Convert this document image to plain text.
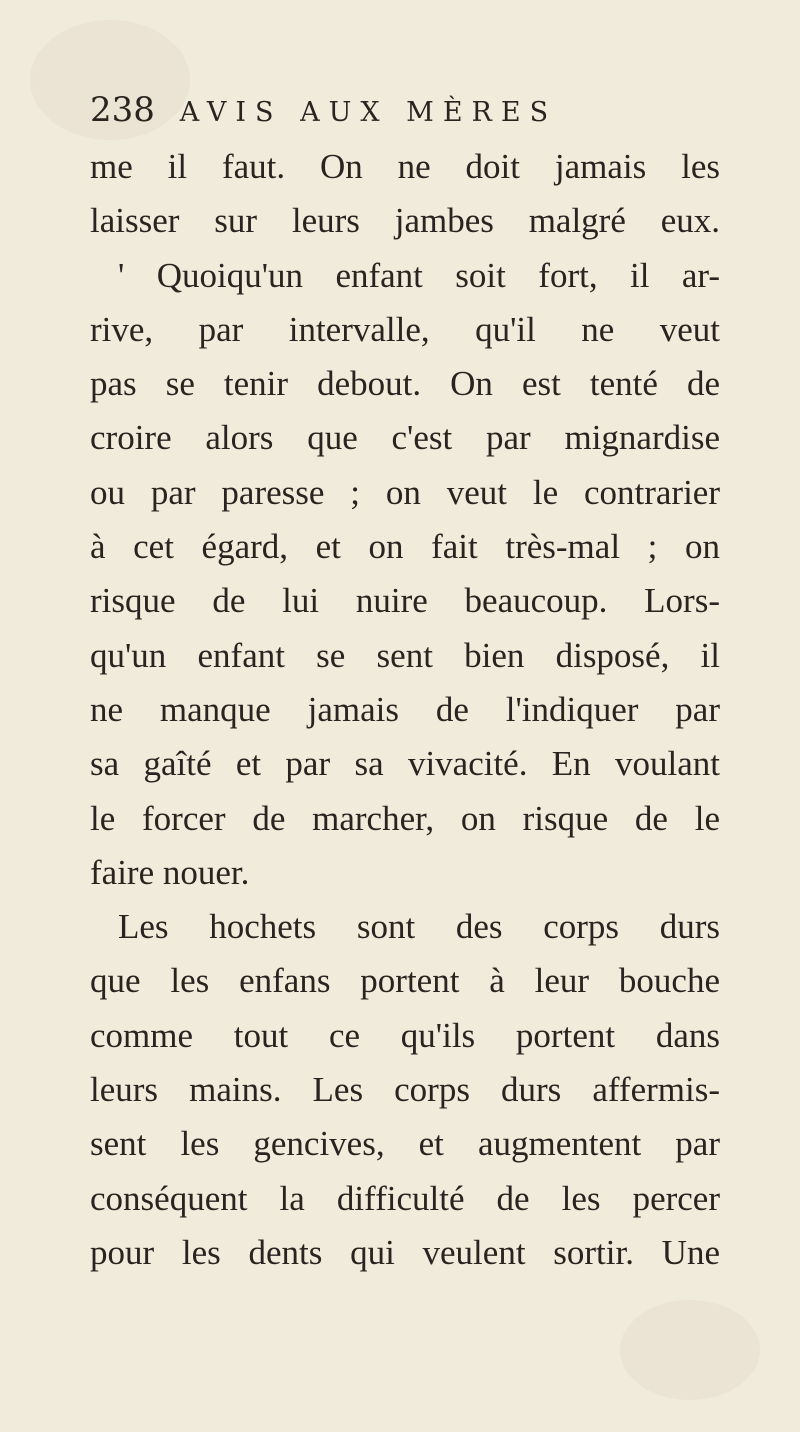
238 AVIS AUX MÈRES
me il faut. On ne doit jamais les
laisser sur leurs jambes malgré eux.
' Quoiqu'un enfant soit fort, il ar-
rive, par intervalle, qu'il ne veut
pas se tenir debout. On est tenté de
croire alors que c'est par mignardise
ou par paresse ; on veut le contrarier
à cet égard, et on fait très-mal ; on
risque de lui nuire beaucoup. Lors-
qu'un enfant se sent bien disposé, il
ne manque jamais de l'indiquer par
sa gaîté et par sa vivacité. En voulant
le forcer de marcher, on risque de le
faire nouer.
Les hochets sont des corps durs
que les enfans portent à leur bouche
comme tout ce qu'ils portent dans
leurs mains. Les corps durs affermis-
sent les gencives, et augmentent par
conséquent la difficulté de les percer
pour les dents qui veulent sortir. Une
